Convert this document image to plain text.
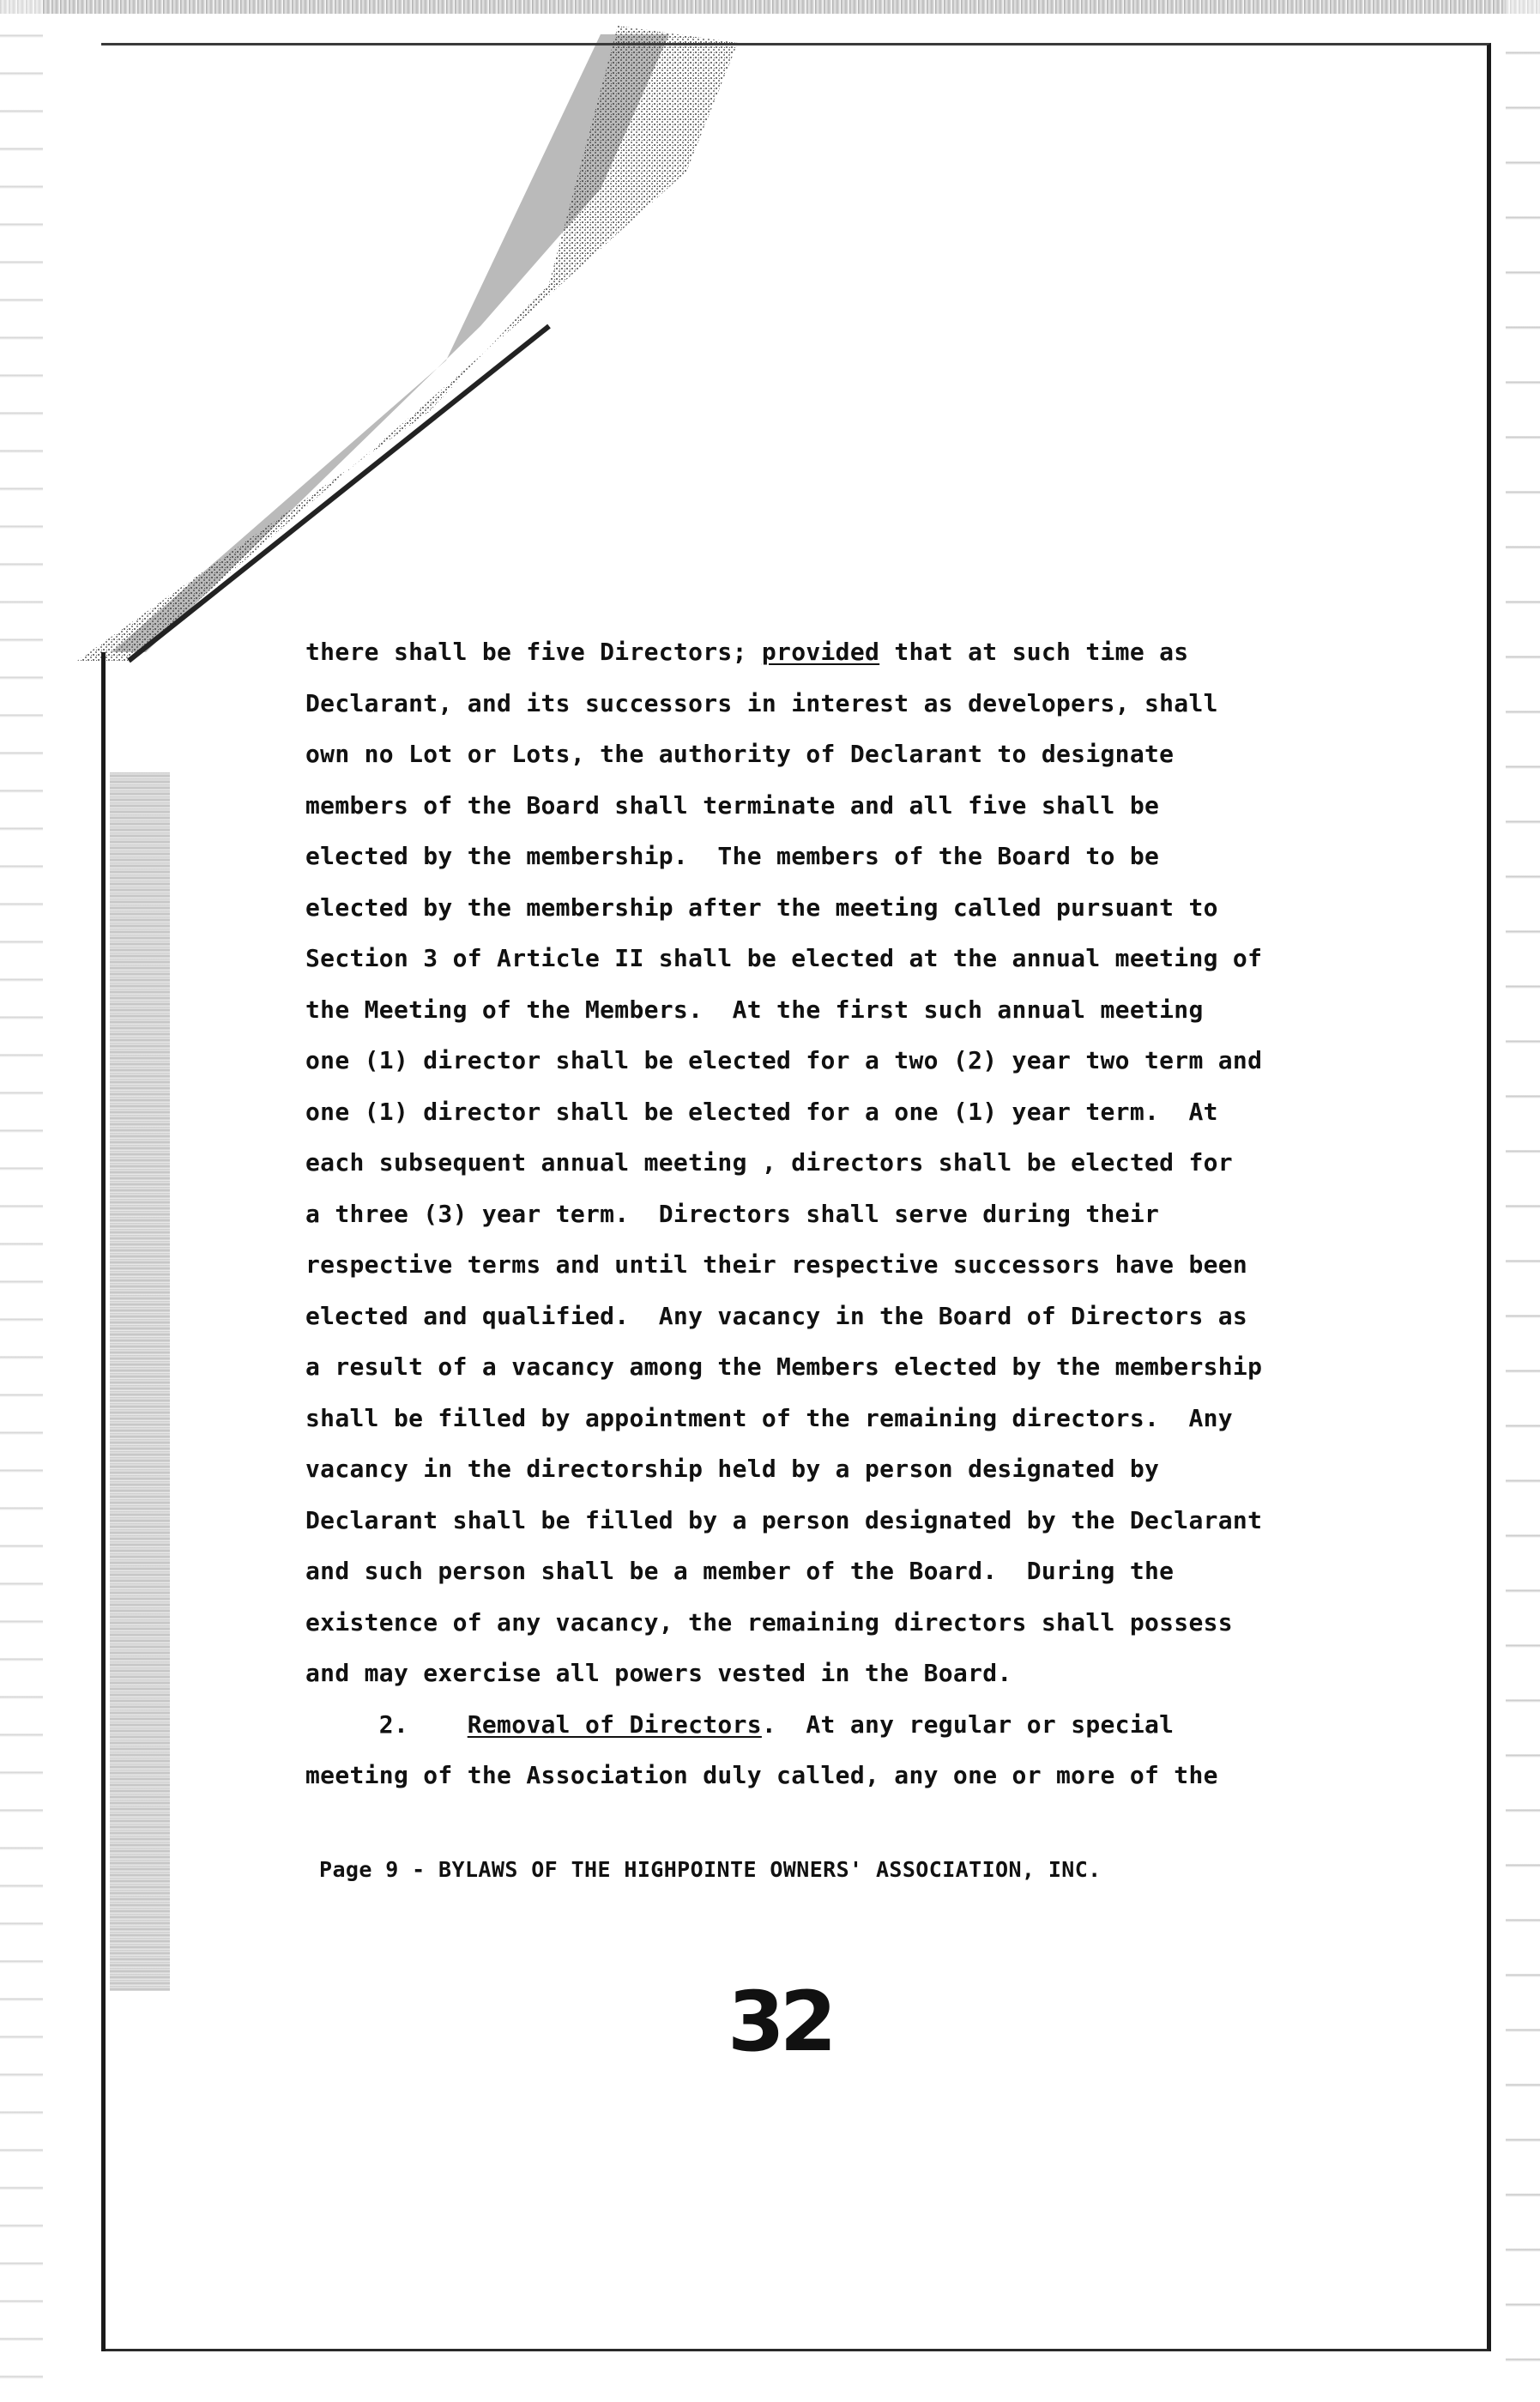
there shall be five Directors; provided that at such time as
Declarant, and its successors in interest as developers, shall
own no Lot or Lots, the authority of Declarant to designate
members of the Board shall terminate and all five shall be
elected by the membership.  The members of the Board to be
elected by the membership after the meeting called pursuant to
Section 3 of Article II shall be elected at the annual meeting of
the Meeting of the Members.  At the first such annual meeting
one (1) director shall be elected for a two (2) year two term and
one (1) director shall be elected for a one (1) year term.  At
each subsequent annual meeting , directors shall be elected for
a three (3) year term.  Directors shall serve during their
respective terms and until their respective successors have been
elected and qualified.  Any vacancy in the Board of Directors as
a result of a vacancy among the Members elected by the membership
shall be filled by appointment of the remaining directors.  Any
vacancy in the directorship held by a person designated by
Declarant shall be filled by a person designated by the Declarant
and such person shall be a member of the Board.  During the
existence of any vacancy, the remaining directors shall possess
and may exercise all powers vested in the Board.
2.    Removal of Directors.  At any regular or special
meeting of the Association duly called, any one or more of the
Page 9 - BYLAWS OF THE HIGHPOINTE OWNERS' ASSOCIATION, INC.
32
